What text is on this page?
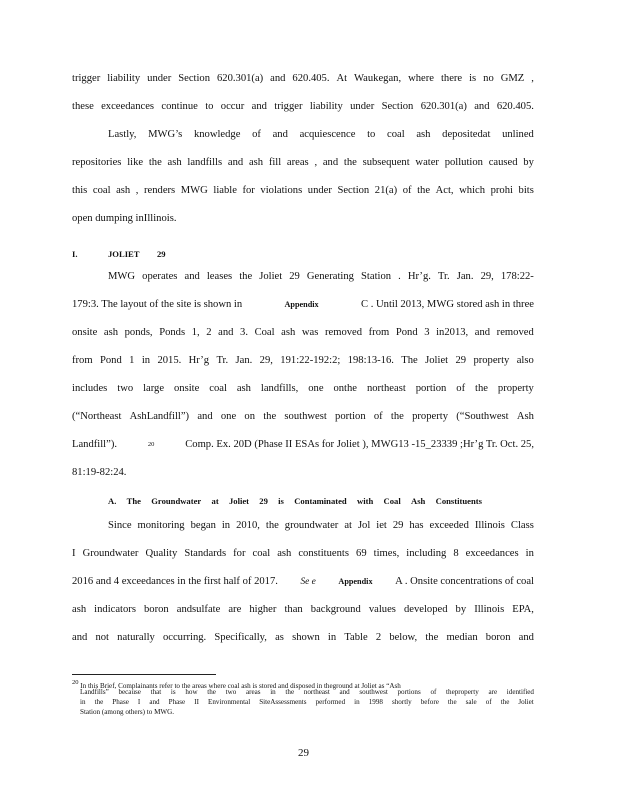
trigger liability under Section 620.301(a) and 620.405. At Waukegan, where there is no GMZ ,
these exceedances continue to occur and trigger liability under Section 620.301(a) and 620.405.
Lastly, MWG’s knowledge of and acquiescence to coal ash depositedat unlined
repositories like the ash landfills and ash fill areas , and the subsequent water pollution caused by
this coal ash , renders MWG liable for violations under Section 21(a) of the Act, which prohi bits
open dumping inIllinois.
I.	JOLIET 29
MWG operates and leases the Joliet 29 Generating Station . Hr’g. Tr. Jan. 29, 178:22-
179:3. The layout of the site is shown in	Appendix	C . Until 2013, MWG stored ash in three
onsite ash ponds, Ponds 1, 2 and 3. Coal ash was removed from Pond 3 in2013, and removed
from Pond 1 in 2015. Hr’g Tr. Jan. 29, 191:22-192:2; 198:13-16. The Joliet 29 property also
includes two large onsite coal ash landfills, one onthe northeast portion of the property
(“Northeast AshLandfill”) and one on the southwest portion of the property (“Southwest Ash
Landfill”).	$^{20}$	Comp. Ex. 20D (Phase II ESAs for Joliet ), MWG13 -15_23339 ;Hr’g Tr. Oct. 25,
81:19-82:24.
A. The Groundwater at Joliet 29 is Contaminated with Coal Ash Constituents
Since monitoring began in 2010, the groundwater at Jol iet 29 has exceeded Illinois Class
I Groundwater Quality Standards for coal ash constituents 69 times, including 8 exceedances in
2016 and 4 exceedances in the first half of 2017. Se e	Appendix A . Onsite concentrations of coal
ash indicators boron andsulfate are higher than background values developed by Illinois EPA,
and not naturally occurring. Specifically, as shown in Table 2 below, the median boron and
$^{20}$ In this Brief, Complainants refer to the areas where coal ash is stored and disposed in theground at Joliet as “Ash
Landfills” because that is how the two areas in the northeast and southwest portions of theproperty are identified
in the Phase I and Phase II Environmental SiteAssessments performed in 1998 shortly before the sale of the Joliet
Station (among others) to MWG.
29
